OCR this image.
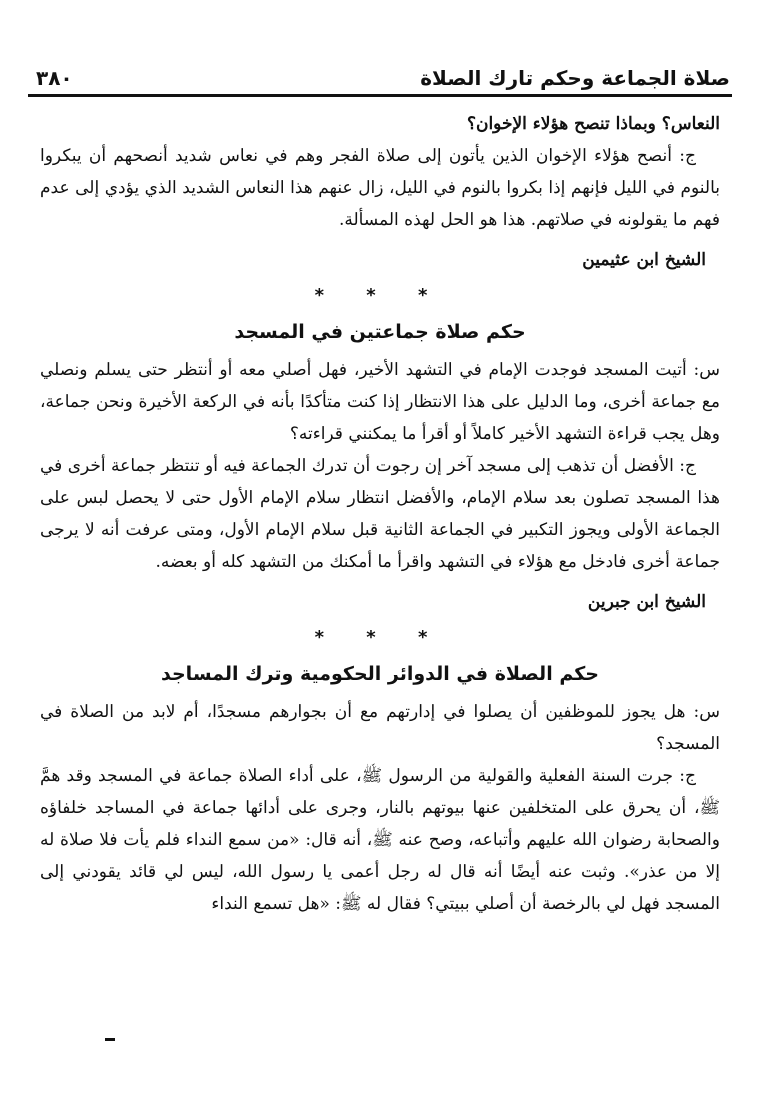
صلاة الجماعة وحكم تارك الصلاة
٣٨٠

النعاس؟ وبماذا تنصح هؤلاء الإخوان؟

ج: أنصح هؤلاء الإخوان الذين يأتون إلى صلاة الفجر وهم في نعاس شديد أنصحهم أن يبكروا بالنوم في الليل فإنهم إذا بكروا بالنوم في الليل، زال عنهم هذا النعاس الشديد الذي يؤدي إلى عدم فهم ما يقولونه في صلاتهم. هذا هو الحل لهذه المسألة.

الشيخ ابن عثيمين

* * *

حكم صلاة جماعتين في المسجد

س: أتيت المسجد فوجدت الإمام في التشهد الأخير، فهل أصلي معه أو أنتظر حتى يسلم ونصلي مع جماعة أخرى، وما الدليل على هذا الانتظار إذا كنت متأكدًا بأنه في الركعة الأخيرة ونحن جماعة، وهل يجب قراءة التشهد الأخير كاملاً أو أقرأ ما يمكنني قراءته؟

ج: الأفضل أن تذهب إلى مسجد آخر إن رجوت أن تدرك الجماعة فيه أو تنتظر جماعة أخرى في هذا المسجد تصلون بعد سلام الإمام، والأفضل انتظار سلام الإمام الأول حتى لا يحصل لبس على الجماعة الأولى ويجوز التكبير في الجماعة الثانية قبل سلام الإمام الأول، ومتى عرفت أنه لا يرجى جماعة أخرى فادخل مع هؤلاء في التشهد واقرأ ما أمكنك من التشهد كله أو بعضه.

الشيخ ابن جبرين

* * *

حكم الصلاة في الدوائر الحكومية وترك المساجد

س: هل يجوز للموظفين أن يصلوا في إدارتهم مع أن بجوارهم مسجدًا، أم لابد من الصلاة في المسجد؟

ج: جرت السنة الفعلية والقولية من الرسول ﷺ، على أداء الصلاة جماعة في المسجد وقد همَّ ﷺ، أن يحرق على المتخلفين عنها بيوتهم بالنار، وجرى على أدائها جماعة في المساجد خلفاؤه والصحابة رضوان الله عليهم وأتباعه، وصح عنه ﷺ، أنه قال: «من سمع النداء فلم يأت فلا صلاة له إلا من عذر». وثبت عنه أيضًا أنه قال له رجل أعمى يا رسول الله، ليس لي قائد يقودني إلى المسجد فهل لي بالرخصة أن أصلي ببيتي؟ فقال له ﷺ: «هل تسمع النداء
